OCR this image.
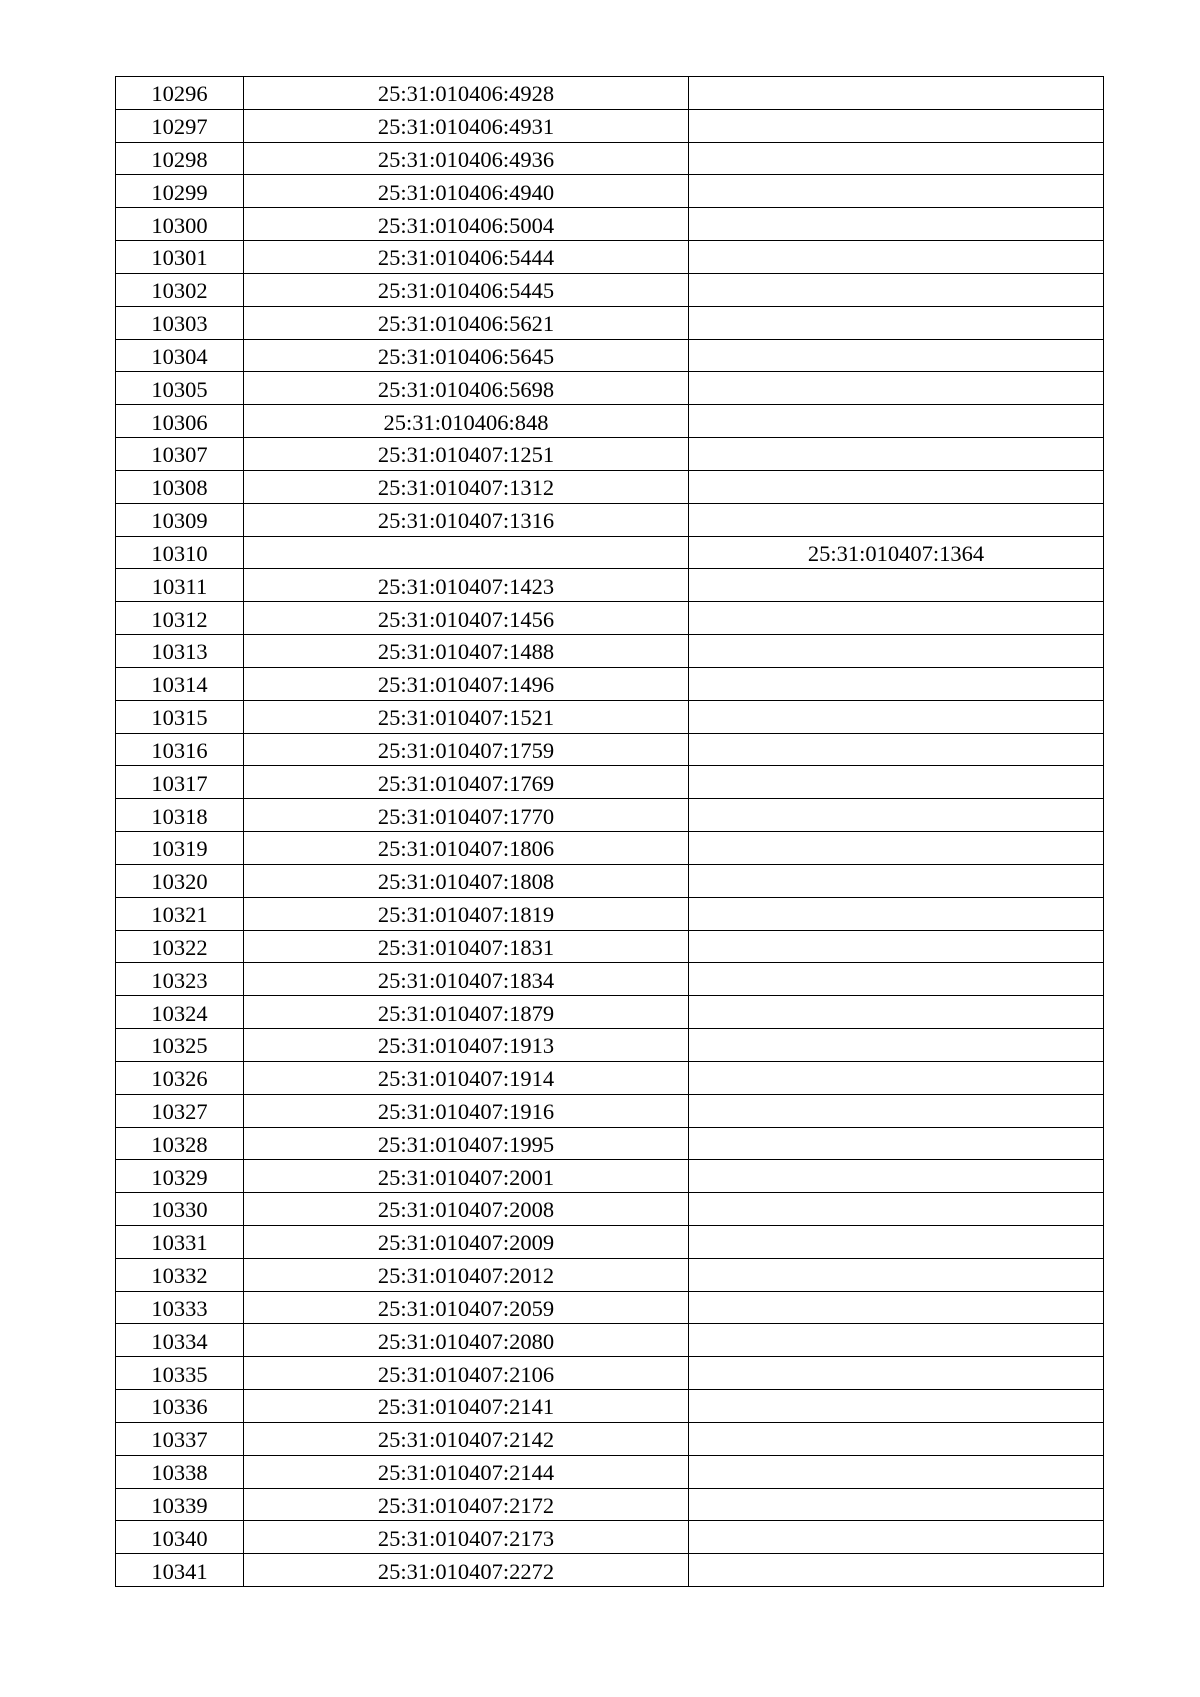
10296	25:31:010406:4928	
10297	25:31:010406:4931	
10298	25:31:010406:4936	
10299	25:31:010406:4940	
10300	25:31:010406:5004	
10301	25:31:010406:5444	
10302	25:31:010406:5445	
10303	25:31:010406:5621	
10304	25:31:010406:5645	
10305	25:31:010406:5698	
10306	25:31:010406:848	
10307	25:31:010407:1251	
10308	25:31:010407:1312	
10309	25:31:010407:1316	
10310		25:31:010407:1364
10311	25:31:010407:1423	
10312	25:31:010407:1456	
10313	25:31:010407:1488	
10314	25:31:010407:1496	
10315	25:31:010407:1521	
10316	25:31:010407:1759	
10317	25:31:010407:1769	
10318	25:31:010407:1770	
10319	25:31:010407:1806	
10320	25:31:010407:1808	
10321	25:31:010407:1819	
10322	25:31:010407:1831	
10323	25:31:010407:1834	
10324	25:31:010407:1879	
10325	25:31:010407:1913	
10326	25:31:010407:1914	
10327	25:31:010407:1916	
10328	25:31:010407:1995	
10329	25:31:010407:2001	
10330	25:31:010407:2008	
10331	25:31:010407:2009	
10332	25:31:010407:2012	
10333	25:31:010407:2059	
10334	25:31:010407:2080	
10335	25:31:010407:2106	
10336	25:31:010407:2141	
10337	25:31:010407:2142	
10338	25:31:010407:2144	
10339	25:31:010407:2172	
10340	25:31:010407:2173	
10341	25:31:010407:2272	
